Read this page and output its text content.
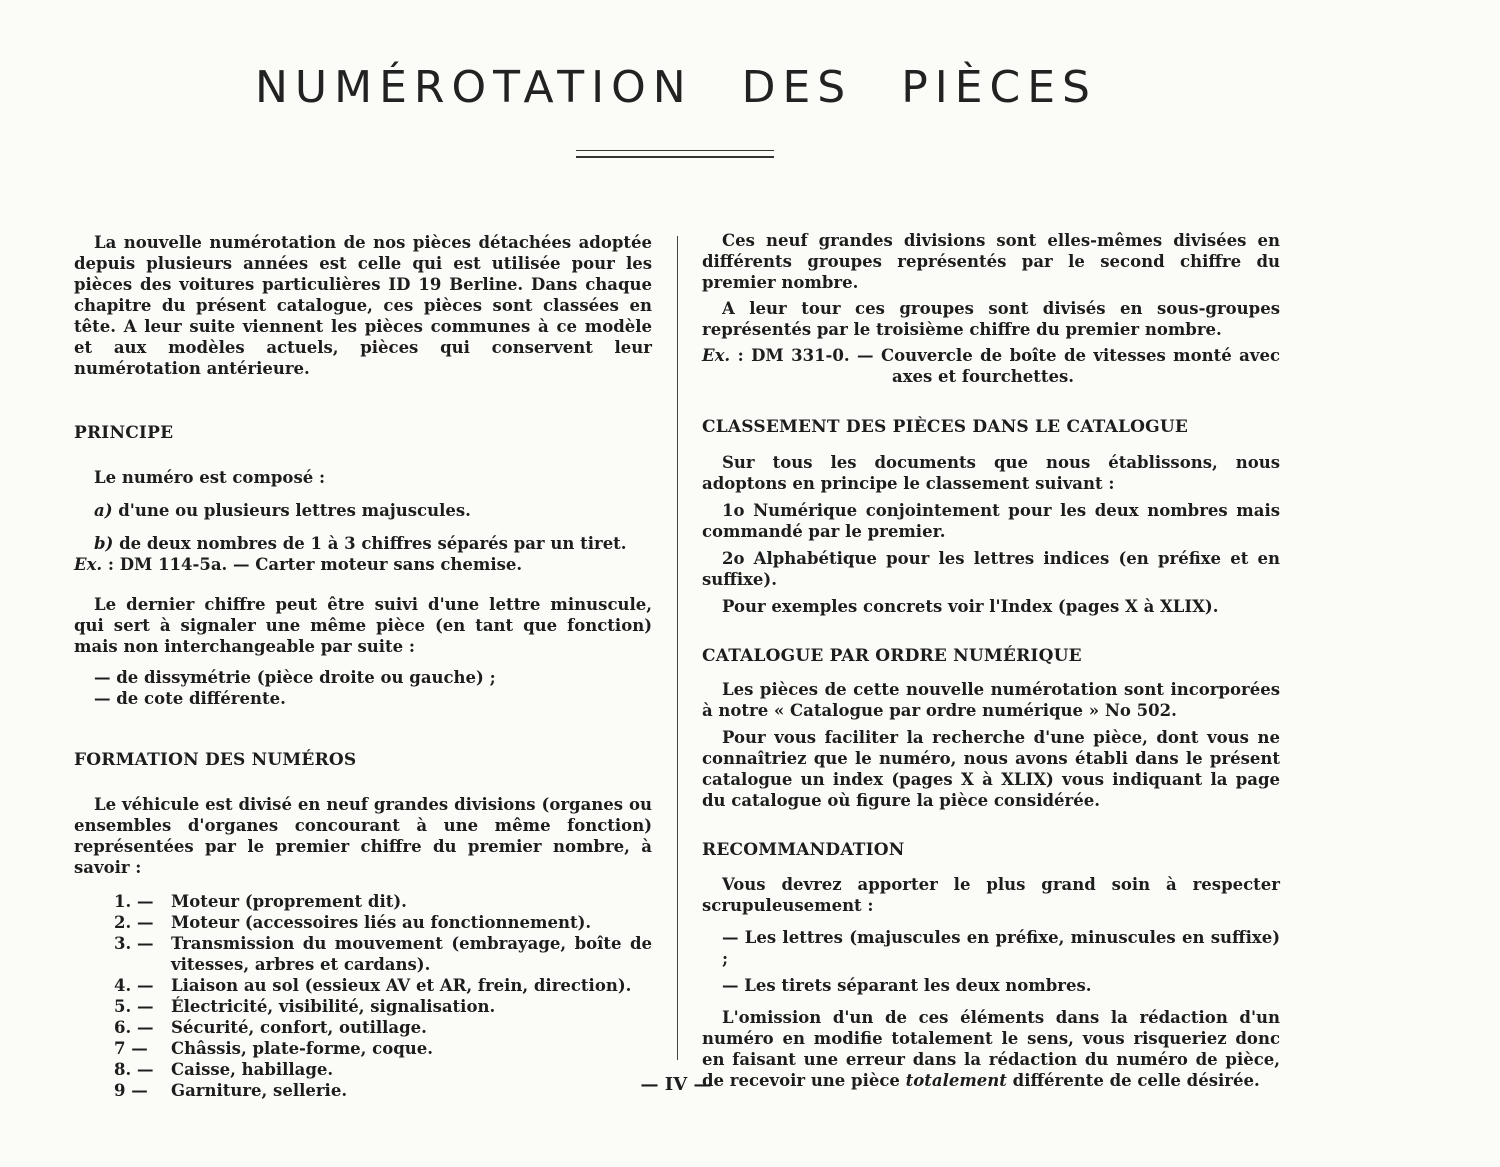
NUMÉROTATION DES PIÈCES

La nouvelle numérotation de nos pièces détachées adoptée depuis plusieurs années est celle qui est utilisée pour les pièces des voitures particulières ID 19 Berline. Dans chaque chapitre du présent catalogue, ces pièces sont classées en tête. A leur suite viennent les pièces communes à ce modèle et aux modèles actuels, pièces qui conservent leur numérotation antérieure.

PRINCIPE

Le numéro est composé :

a) d'une ou plusieurs lettres majuscules.

b) de deux nombres de 1 à 3 chiffres séparés par un tiret.

Ex. : DM 114-5a. — Carter moteur sans chemise.

Le dernier chiffre peut être suivi d'une lettre minuscule, qui sert à signaler une même pièce (en tant que fonction) mais non interchangeable par suite :

— de dissymétrie (pièce droite ou gauche) ;
— de cote différente.

FORMATION DES NUMÉROS

Le véhicule est divisé en neuf grandes divisions (organes ou ensembles d'organes concourant à une même fonction) représentées par le premier chiffre du premier nombre, à savoir :

1. — Moteur (proprement dit).
2. — Moteur (accessoires liés au fonctionnement).
3. — Transmission du mouvement (embrayage, boîte de vitesses, arbres et cardans).
4. — Liaison au sol (essieux AV et AR, frein, direction).
5. — Électricité, visibilité, signalisation.
6. — Sécurité, confort, outillage.
7 — Châssis, plate-forme, coque.
8. — Caisse, habillage.
9 — Garniture, sellerie.

Ces neuf grandes divisions sont elles-mêmes divisées en différents groupes représentés par le second chiffre du premier nombre.

A leur tour ces groupes sont divisés en sous-groupes représentés par le troisième chiffre du premier nombre.

Ex. : DM 331-0. — Couvercle de boîte de vitesses monté avec axes et fourchettes.

CLASSEMENT DES PIÈCES DANS LE CATALOGUE

Sur tous les documents que nous établissons, nous adoptons en principe le classement suivant :

1o Numérique conjointement pour les deux nombres mais commandé par le premier.

2o Alphabétique pour les lettres indices (en préfixe et en suffixe).

Pour exemples concrets voir l'Index (pages X à XLIX).

CATALOGUE PAR ORDRE NUMÉRIQUE

Les pièces de cette nouvelle numérotation sont incorporées à notre « Catalogue par ordre numérique » No 502.

Pour vous faciliter la recherche d'une pièce, dont vous ne connaîtriez que le numéro, nous avons établi dans le présent catalogue un index (pages X à XLIX) vous indiquant la page du catalogue où figure la pièce considérée.

RECOMMANDATION

Vous devrez apporter le plus grand soin à respecter scrupuleusement :

— Les lettres (majuscules en préfixe, minuscules en suffixe) ;
— Les tirets séparant les deux nombres.

L'omission d'un de ces éléments dans la rédaction d'un numéro en modifie totalement le sens, vous risqueriez donc en faisant une erreur dans la rédaction du numéro de pièce, de recevoir une pièce totalement différente de celle désirée.

— IV —
